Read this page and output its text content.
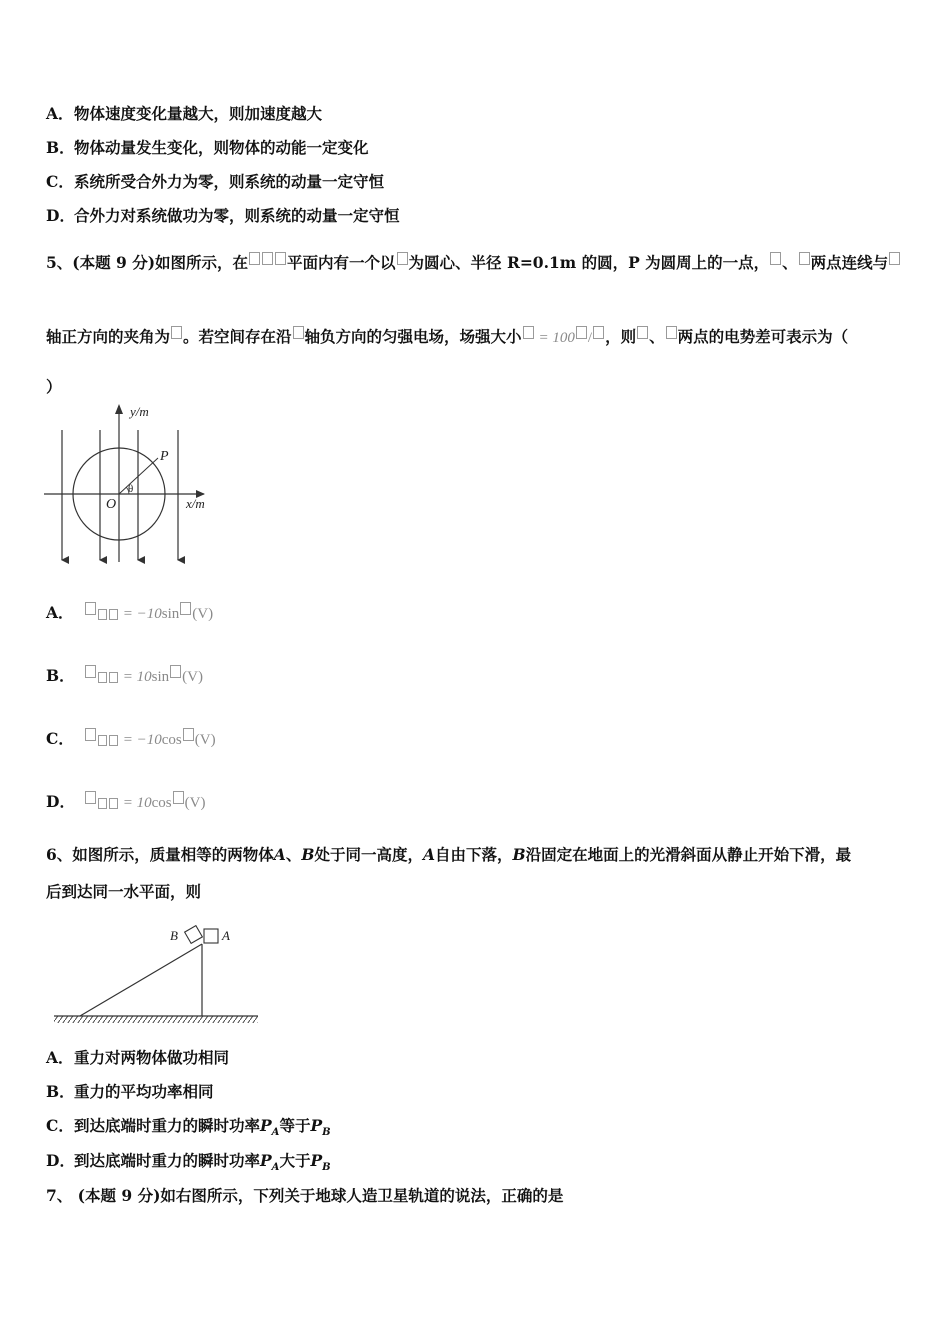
A．物体速度变化量越大，则加速度越大
B．物体动量发生变化，则物体的动能一定变化
C．系统所受合外力为零，则系统的动量一定守恒
D．合外力对系统做功为零，则系统的动量一定守恒
5、(本题 9 分)如图所示，在	平面内有一个以 为圆心、半径 R=0.1m 的圆，P 为圆周上的一点， 、 两点连线与
轴正方向的夹角为 。若空间存在沿 轴负方向的匀强电场，场强大小 = 100 / ，则 、 两点的电势差可表示为（
）
y/m
x/m
O
P
θ
A．	= −10sin (V)
B．	= 10sin (V)
C．	= −10cos (V)
D．	= 10cos (V)
6、如图所示，质量相等的两物体A、B处于同一高度，A自由下落，B沿固定在地面上的光滑斜面从静止开始下滑，最
后到达同一水平面，则
B	A
A．重力对两物体做功相同
B．重力的平均功率相同
C．到达底端时重力的瞬时功率$P_A$等于$P_B$
D．到达底端时重力的瞬时功率$P_A$大于$P_B$
7、 (本题 9 分)如右图所示，下列关于地球人造卫星轨道的说法，正确的是
